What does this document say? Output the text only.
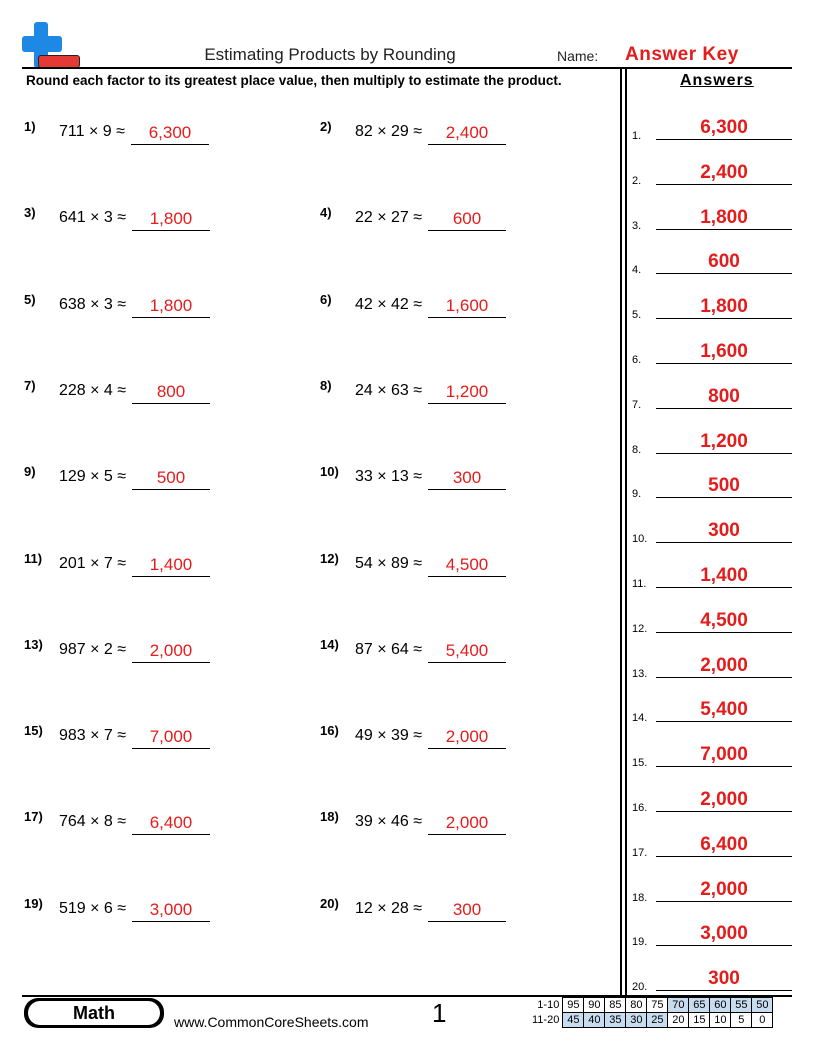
Estimating Products by Rounding	Name: Answer Key
Round each factor to its greatest place value, then multiply to estimate the product.	Answers
1) 711 × 9 ≈	6,300	2) 82 × 29 ≈	2,400
3) 641 × 3 ≈	1,800	4) 22 × 27 ≈	600
5) 638 × 3 ≈	1,800	6) 42 × 42 ≈	1,600
7) 228 × 4 ≈	800	8) 24 × 63 ≈	1,200
9) 129 × 5 ≈	500	10) 33 × 13 ≈	300
11) 201 × 7 ≈	1,400	12) 54 × 89 ≈	4,500
13) 987 × 2 ≈	2,000	14) 87 × 64 ≈	5,400
15) 983 × 7 ≈	7,000	16) 49 × 39 ≈	2,000
17) 764 × 8 ≈	6,400	18) 39 × 46 ≈	2,000
19) 519 × 6 ≈	3,000	20) 12 × 28 ≈	300
1.	6,300
2.	2,400
3.	1,800
4.	600
5.	1,800
6.	1,600
7.	800
8.	1,200
9.	500
10.	300
11.	1,400
12.	4,500
13.	2,000
14.	5,400
15.	7,000
16.	2,000
17.	6,400
18.	2,000
19.	3,000
20.	300
Math	www.CommonCoreSheets.com 1	1-10	95	90	85	80	75	70	65	60	55	50
11-20	45	40	35	30	25	20	15	10	5	0
